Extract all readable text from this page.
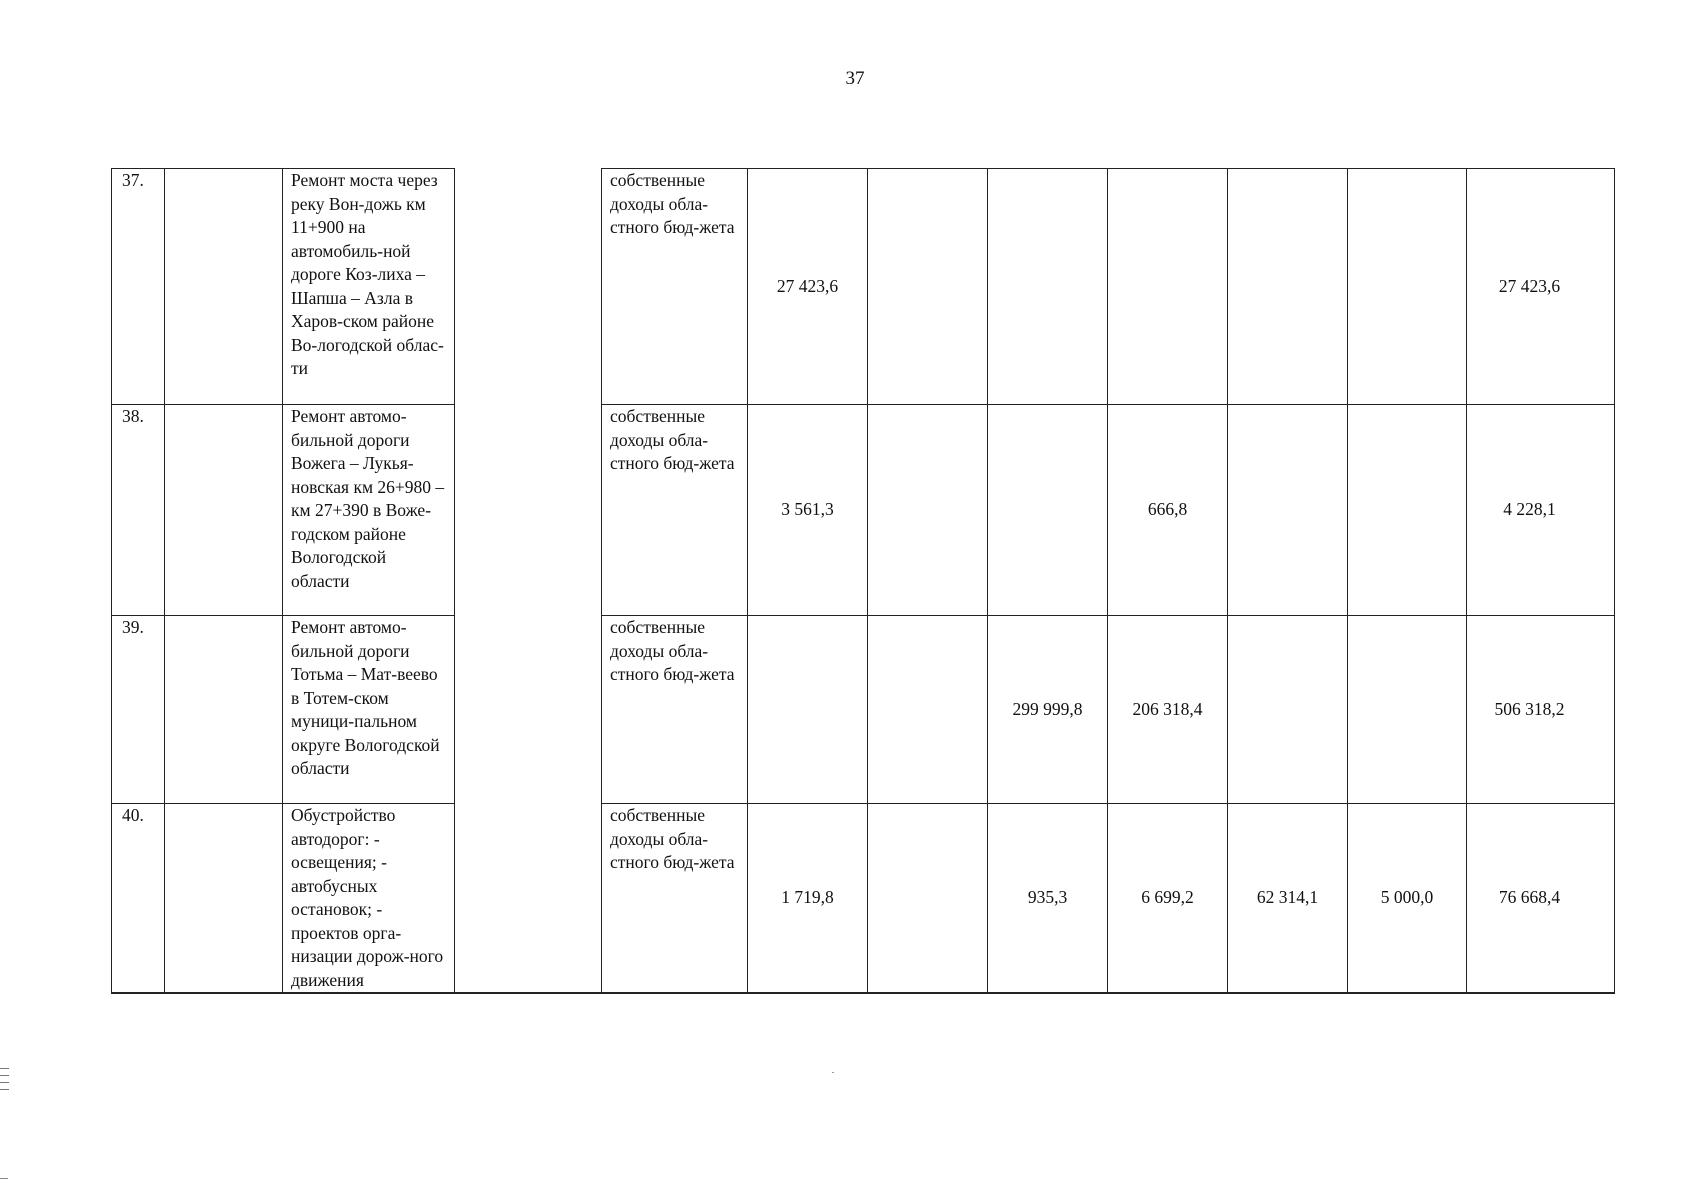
37
37.		Ремонт моста через реку Вон-дожь км 11+900 на автомобиль-ной дороге Коз-лиха – Шапша – Азла в Харов-ском районе Во-логодской облас-ти		собственные доходы обла-стного бюд-жета	27 423,6						27 423,6
38.		Ремонт автомо-бильной дороги Вожега – Лукья-новская км 26+980 – км 27+390 в Воже-годском районе Вологодской области		собственные доходы обла-стного бюд-жета	3 561,3			666,8			4 228,1
39.		Ремонт автомо-бильной дороги Тотьма – Мат-веево в Тотем-ском муници-пальном округе Вологодской области		собственные доходы обла-стного бюд-жета			299 999,8	206 318,4			506 318,2
40.		Обустройство автодорог: - освещения; - автобусных остановок; - проектов орга-низации дорож-ного движения		собственные доходы обла-стного бюд-жета	1 719,8		935,3	6 699,2	62 314,1	5 000,0	76 668,4
